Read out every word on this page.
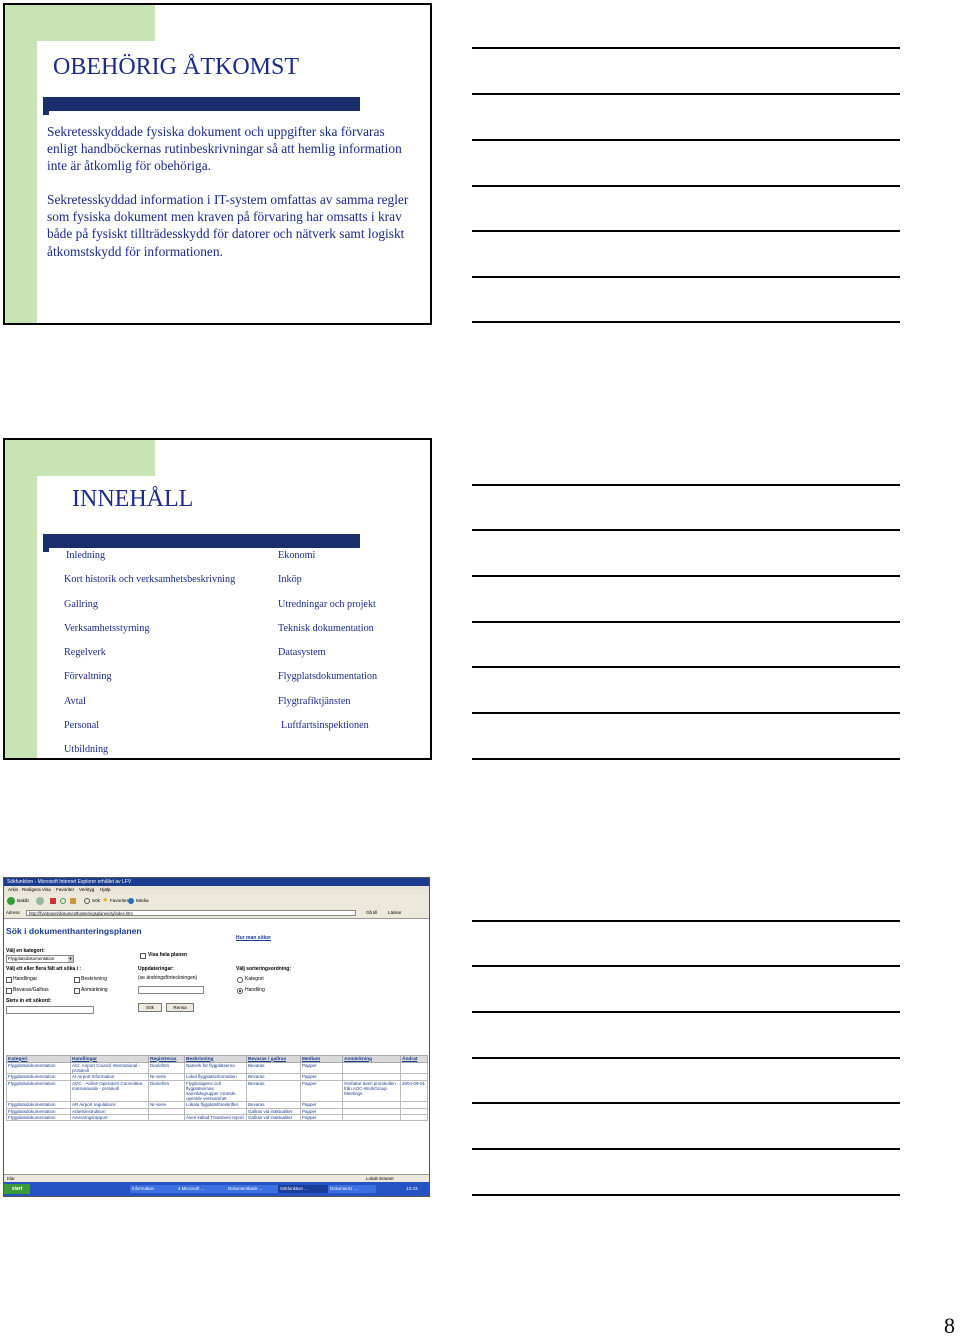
OBEHÖRIG ÅTKOMST
Sekretesskyddade fysiska dokument och uppgifter ska förvaras enligt handböckernas rutinbeskrivningar så att hemlig information inte är åtkomlig för obehöriga.
Sekretesskyddad information i IT-system omfattas av samma regler som fysiska dokument men kraven på förvaring har omsatts i krav både på fysiskt tillträdesskydd för datorer och nätverk samt logiskt åtkomstskydd för informationen.
INNEHÅLL
Inledning
Kort historik och verksamhetsbeskrivning
Gallring
Verksamhetsstyrning
Regelverk
Förvaltning
Avtal
Personal
Utbildning
Ekonomi
Inköp
Utredningar och projekt
Teknisk dokumentation
Datasystem
Flygplatsdokumentation
Flygtrafiktjänsten
Luftfartsinspektionen
Sökfunktion - Microsoft Internet Explorer erhållet av LFV
Arkiv Redigera Visa Favoriter Verktyg Hjälp
Bakåt	Sök ★ Favoriter Media
Adress	http://lfvintranet/dokumenthanteringsplanen/sj/index.htm	Gå till Länkar
Sök i dokumenthanteringsplanen
Hur man söker
Välj en kategori:
Flygplatsdokumentation	▼
Visa hela planen
Välj ett eller flera fält att söka i :
Handlingar	Beskrivning
Bevaras/Gallras	Anmärkning
Uppdateringar:
(se ändringsförteckningen)
Välj sorteringsordning:
Kategori
Handling
Skriv in ett sökord:
Sök	Rensa
Kategori	Handlingar	Registreras	Beskrivning	Bevaras / gallras	Medium	Anmärkning	Ändrat
Flygplatsdokumentation	ACI, Airport Council International - protokoll	Diarieförs	Natverk för flygplatserna	Bevaras	Papper		
Flygplatsdokumentation	AI Airport Information	Nr-serie	Lokal flygplatsinformation	Bevaras	Papper		
Flygplatsdokumentation	AOC - Airline Operators Committee, motsvarande - protokoll	Diarieförs	Flygbolagens och flygplatsernas samrådsgrupper rörande operativ verksamhet	Bevaras	Papper	Omfattar även protokollen från AOC-WorkGroup Meetings	2004-09-01
Flygplatsdokumentation	AR Airport regulations	Nr-serie	Lokala flygplatsföreskrifter	Bevaras	Papper		
Flygplatsdokumentation	Arbetsinstruktion			Gallras vid inaktualitet	Papper		
Flygplatsdokumentation	Avvisningsrapport		Även kallad Treatment report	Gallras vid inaktualitet	Papper		
Klar	Lokalt intranet
start	Information	4 Microsoft ...	Dokumentbank ...	Sökfunktion ...	Dokument1 ...	13:43
8
